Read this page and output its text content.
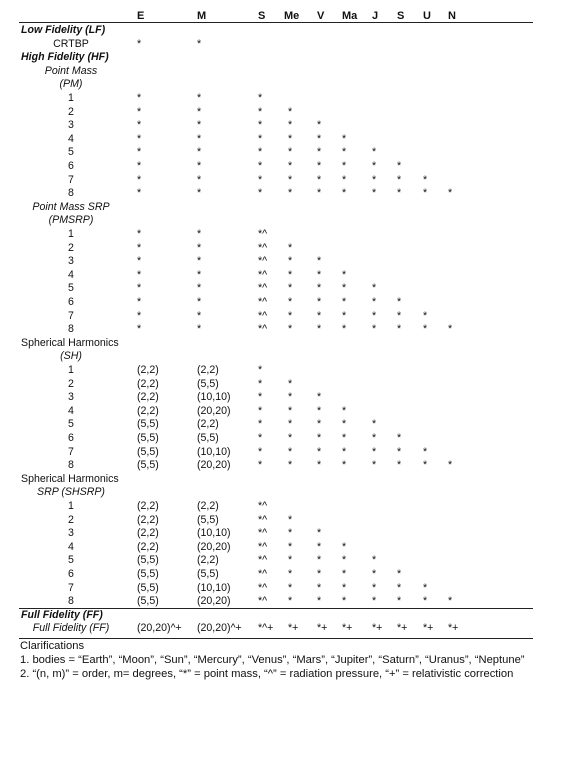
E	M	S Me V Ma J S U N
Low Fidelity (LF)
CRTBP	*	*
High Fidelity (HF)
Point Mass
(PM)
1	*	*	*
2	*	*	* *
3	*	*	* * *
4	*	*	* * * *
5	*	*	* * * * *
6	*	*	* * * * * *
7	*	*	* * * * * * *
8	*	*	* * * * * * * *
Point Mass SRP
(PMSRP)
1	*	*	*^
2	*	*	*^ *
3	*	*	*^ * *
4	*	*	*^ * * *
5	*	*	*^ * * * *
6	*	*	*^ * * * * *
7	*	*	*^ * * * * * *
8	*	*	*^ * * * * * * *
Spherical Harmonics
(SH)
1	(2,2)	(2,2)	*
2	(2,2)	(5,5)	* *
3	(2,2)	(10,10)	* * *
4	(2,2)	(20,20)	* * * *
5	(5,5)	(2,2)	* * * * *
6	(5,5)	(5,5)	* * * * * *
7	(5,5)	(10,10)	* * * * * * *
8	(5,5)	(20,20)	* * * * * * * *
Spherical Harmonics
SRP (SHSRP)
1	(2,2)	(2,2)	*^
2	(2,2)	(5,5)	*^ *
3	(2,2)	(10,10)	*^ * *
4	(2,2)	(20,20)	*^ * * *
5	(5,5)	(2,2)	*^ * * * *
6	(5,5)	(5,5)	*^ * * * * *
7	(5,5)	(10,10)	*^ * * * * * *
8	(5,5)	(20,20)	*^ * * * * * * *
Full Fidelity (FF)
Full Fidelity (FF)	(20,20)^+ (20,20)^+ *^+ *+ *+ *+ *+ *+ *+ *+
Clarifications
1. bodies = “Earth”, “Moon”, “Sun”, “Mercury”, “Venus”, “Mars”, “Jupiter”, “Saturn”, “Uranus”, “Neptune”
2. “(n, m)” = order, m= degrees, “*” = point mass, “^” = radiation pressure, “+” = relativistic correction
